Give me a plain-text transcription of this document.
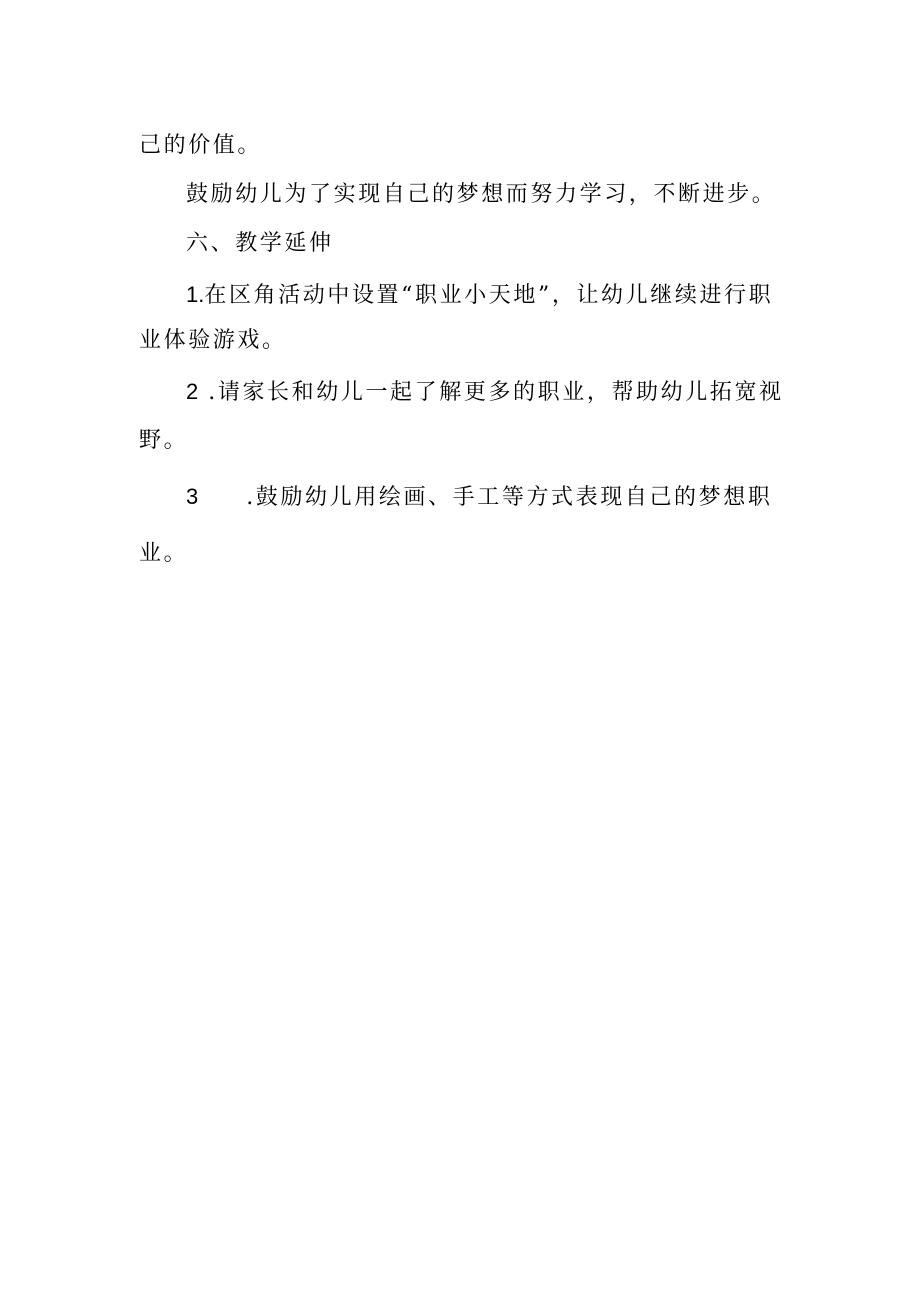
己的价值。

鼓励幼儿为了实现自己的梦想而努力学习，不断进步。

六、教学延伸

1.在区角活动中设置“职业小天地”，让幼儿继续进行职

业体验游戏。

2 .请家长和幼儿一起了解更多的职业，帮助幼儿拓宽视

野。

3 .鼓励幼儿用绘画、手工等方式表现自己的梦想职

业。
